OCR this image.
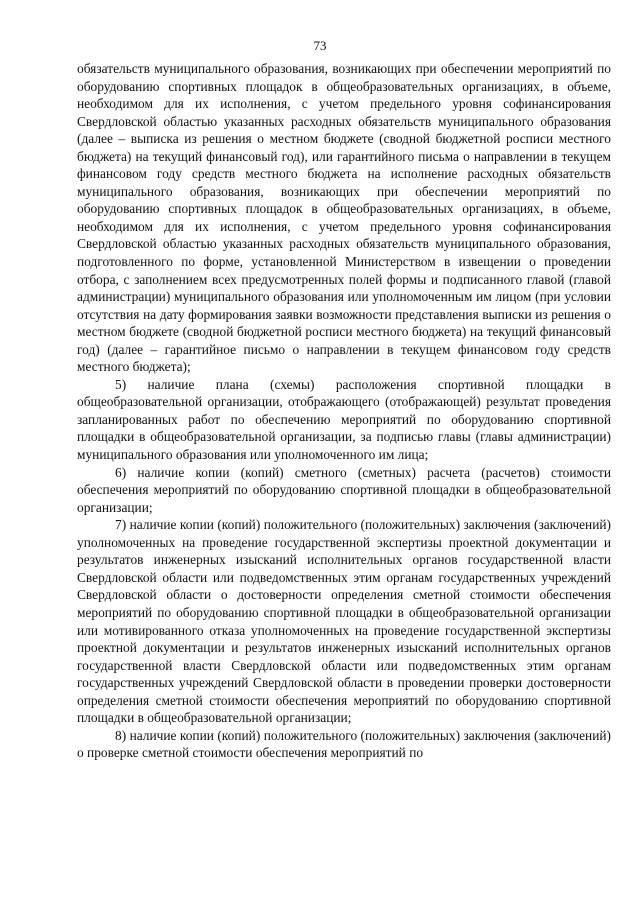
73

обязательств муниципального образования, возникающих при обеспечении мероприятий по оборудованию спортивных площадок в общеобразовательных организациях, в объеме, необходимом для их исполнения, с учетом предельного уровня софинансирования Свердловской областью указанных расходных обязательств муниципального образования (далее – выписка из решения о местном бюджете (сводной бюджетной росписи местного бюджета) на текущий финансовый год), или гарантийного письма о направлении в текущем финансовом году средств местного бюджета на исполнение расходных обязательств муниципального образования, возникающих при обеспечении мероприятий по оборудованию спортивных площадок в общеобразовательных организациях, в объеме, необходимом для их исполнения, с учетом предельного уровня софинансирования Свердловской областью указанных расходных обязательств муниципального образования, подготовленного по форме, установленной Министерством в извещении о проведении отбора, с заполнением всех предусмотренных полей формы и подписанного главой (главой администрации) муниципального образования или уполномоченным им лицом (при условии отсутствия на дату формирования заявки возможности представления выписки из решения о местном бюджете (сводной бюджетной росписи местного бюджета) на текущий финансовый год) (далее – гарантийное письмо о направлении в текущем финансовом году средств местного бюджета);

5) наличие плана (схемы) расположения спортивной площадки в общеобразовательной организации, отображающего (отображающей) результат проведения запланированных работ по обеспечению мероприятий по оборудованию спортивной площадки в общеобразовательной организации, за подписью главы (главы администрации) муниципального образования или уполномоченного им лица;

6) наличие копии (копий) сметного (сметных) расчета (расчетов) стоимости обеспечения мероприятий по оборудованию спортивной площадки в общеобразовательной организации;

7) наличие копии (копий) положительного (положительных) заключения (заключений) уполномоченных на проведение государственной экспертизы проектной документации и результатов инженерных изысканий исполнительных органов государственной власти Свердловской области или подведомственных этим органам государственных учреждений Свердловской области о достоверности определения сметной стоимости обеспечения мероприятий по оборудованию спортивной площадки в общеобразовательной организации или мотивированного отказа уполномоченных на проведение государственной экспертизы проектной документации и результатов инженерных изысканий исполнительных органов государственной власти Свердловской области или подведомственных этим органам государственных учреждений Свердловской области в проведении проверки достоверности определения сметной стоимости обеспечения мероприятий по оборудованию спортивной площадки в общеобразовательной организации;

8) наличие копии (копий) положительного (положительных) заключения (заключений) о проверке сметной стоимости обеспечения мероприятий по
